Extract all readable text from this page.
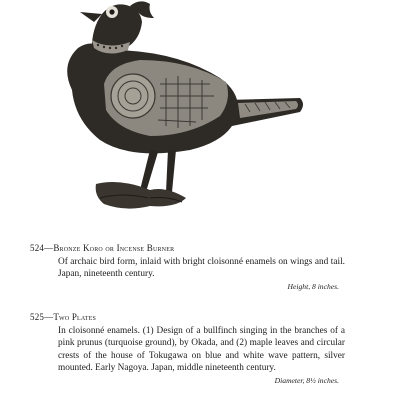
524—Bronze Koro or Incense Burner
Of archaic bird form, inlaid with bright cloisonné enamels on wings and tail. Japan, nineteenth century.
Height, 8 inches.
525—Two Plates
In cloisonné enamels. (1) Design of a bullfinch singing in the branches of a pink prunus (turquoise ground), by Okada, and (2) maple leaves and circular crests of the house of Tokugawa on blue and white wave pattern, silver mounted. Early Nagoya. Japan, middle nineteenth century.
Diameter, 8½ inches.
